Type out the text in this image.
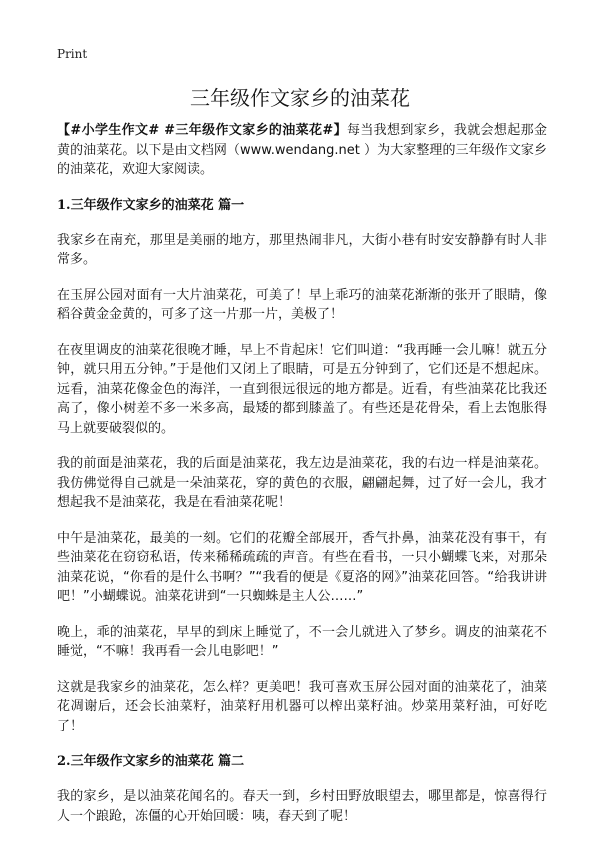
Print
三年级作文家乡的油菜花

【#小学生作文# #三年级作文家乡的油菜花#】每当我想到家乡，我就会想起那金黄的油菜花。以下是由文档网（www.wendang.net ）为大家整理的三年级作文家乡的油菜花，欢迎大家阅读。

1.三年级作文家乡的油菜花 篇一

我家乡在南充，那里是美丽的地方，那里热闹非凡，大街小巷有时安安静静有时人非常多。

在玉屏公园对面有一大片油菜花，可美了！早上乖巧的油菜花渐渐的张开了眼睛，像稻谷黄金金黄的，可多了这一片那一片，美极了！

在夜里调皮的油菜花很晚才睡，早上不肯起床！它们叫道：“我再睡一会儿嘛！就五分钟，就只用五分钟。”于是他们又闭上了眼睛，可是五分钟到了，它们还是不想起床。远看，油菜花像金色的海洋，一直到很远很远的地方都是。近看，有些油菜花比我还高了，像小树差不多一米多高，最矮的都到膝盖了。有些还是花骨朵，看上去饱胀得马上就要破裂似的。

我的前面是油菜花，我的后面是油菜花，我左边是油菜花，我的右边一样是油菜花。我仿佛觉得自己就是一朵油菜花，穿的黄色的衣服，翩翩起舞，过了好一会儿，我才想起我不是油菜花，我是在看油菜花呢！

中午是油菜花，最美的一刻。它们的花瓣全部展开，香气扑鼻，油菜花没有事干，有些油菜花在窃窃私语，传来稀稀疏疏的声音。有些在看书，一只小蝴蝶飞来，对那朵油菜花说，“你看的是什么书啊？”“我看的便是《夏洛的网》”油菜花回答。“给我讲讲吧！”小蝴蝶说。油菜花讲到“一只蜘蛛是主人公……”

晚上，乖的油菜花，早早的到床上睡觉了，不一会儿就进入了梦乡。调皮的油菜花不睡觉，“不嘛！我再看一会儿电影吧！”

这就是我家乡的油菜花，怎么样？更美吧！我可喜欢玉屏公园对面的油菜花了，油菜花凋谢后，还会长油菜籽，油菜籽用机器可以榨出菜籽油。炒菜用菜籽油，可好吃了！

2.三年级作文家乡的油菜花 篇二

我的家乡，是以油菜花闻名的。春天一到，乡村田野放眼望去，哪里都是，惊喜得行人一个踉跄，冻僵的心开始回暖：咦，春天到了呢！
